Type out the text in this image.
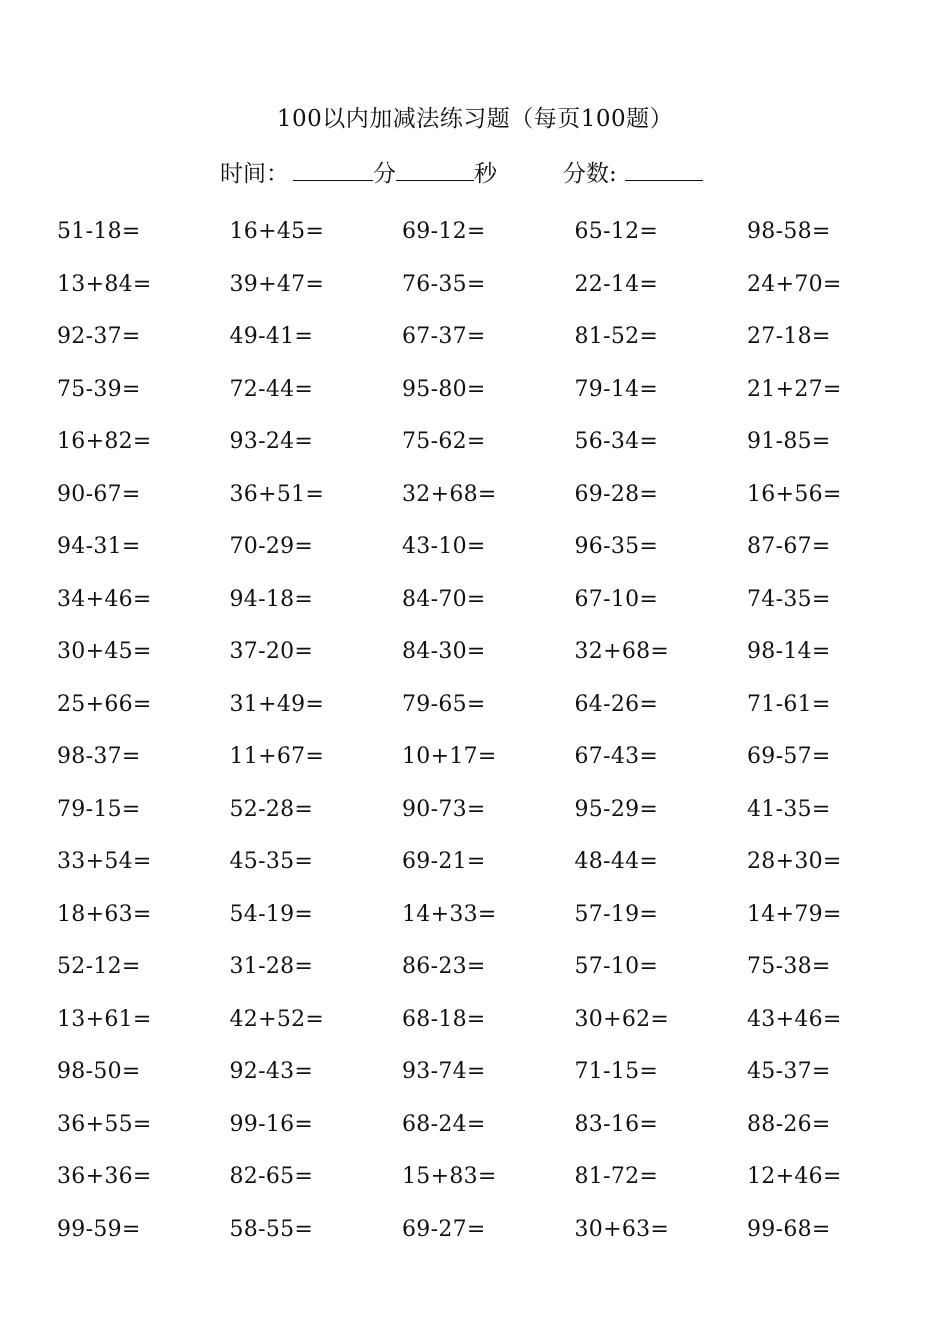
100以内加减法练习题（每页100题）
时间：	分	秒	分数:
51-18=	16+45=	69-12=	65-12=	98-58=
13+84=	39+47=	76-35=	22-14=	24+70=
92-37=	49-41=	67-37=	81-52=	27-18=
75-39=	72-44=	95-80=	79-14=	21+27=
16+82=	93-24=	75-62=	56-34=	91-85=
90-67=	36+51=	32+68=	69-28=	16+56=
94-31=	70-29=	43-10=	96-35=	87-67=
34+46=	94-18=	84-70=	67-10=	74-35=
30+45=	37-20=	84-30=	32+68=	98-14=
25+66=	31+49=	79-65=	64-26=	71-61=
98-37=	11+67=	10+17=	67-43=	69-57=
79-15=	52-28=	90-73=	95-29=	41-35=
33+54=	45-35=	69-21=	48-44=	28+30=
18+63=	54-19=	14+33=	57-19=	14+79=
52-12=	31-28=	86-23=	57-10=	75-38=
13+61=	42+52=	68-18=	30+62=	43+46=
98-50=	92-43=	93-74=	71-15=	45-37=
36+55=	99-16=	68-24=	83-16=	88-26=
36+36=	82-65=	15+83=	81-72=	12+46=
99-59=	58-55=	69-27=	30+63=	99-68=
